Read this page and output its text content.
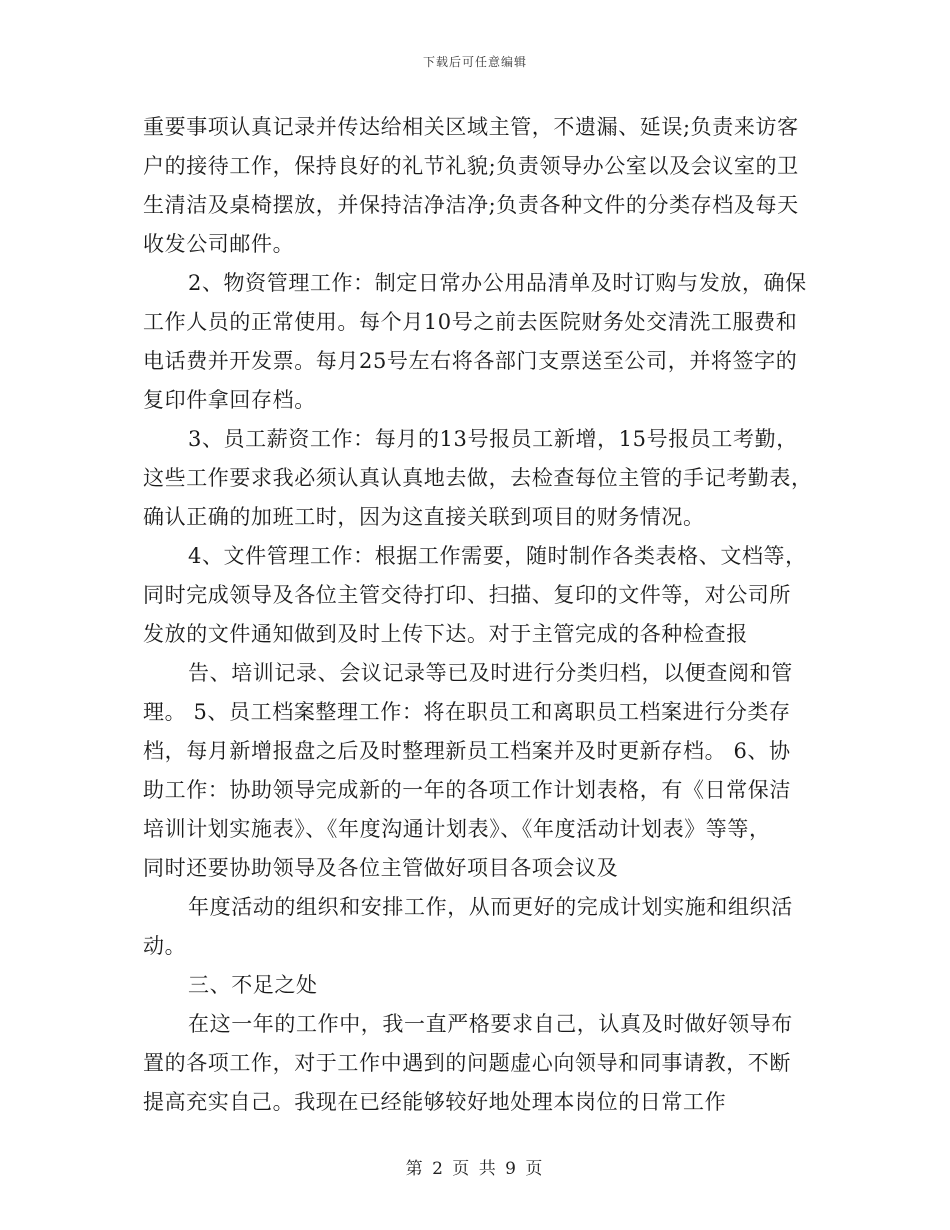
下载后可任意编辑
重要事项认真记录并传达给相关区域主管，不遗漏、延误;负责来访客
户的接待工作，保持良好的礼节礼貌;负责领导办公室以及会议室的卫
生清洁及桌椅摆放，并保持洁净洁净;负责各种文件的分类存档及每天
收发公司邮件。
2、物资管理工作：制定日常办公用品清单及时订购与发放，确保
工作人员的正常使用。每个月10号之前去医院财务处交清洗工服费和
电话费并开发票。每月25号左右将各部门支票送至公司，并将签字的
复印件拿回存档。
3、员工薪资工作：每月的13号报员工新增，15号报员工考勤，
这些工作要求我必须认真认真地去做，去检查每位主管的手记考勤表，
确认正确的加班工时，因为这直接关联到项目的财务情况。
4、文件管理工作：根据工作需要，随时制作各类表格、文档等，
同时完成领导及各位主管交待打印、扫描、复印的文件等，对公司所
发放的文件通知做到及时上传下达。对于主管完成的各种检查报
告、培训记录、会议记录等已及时进行分类归档，以便查阅和管
理。 5、员工档案整理工作：将在职员工和离职员工档案进行分类存
档，每月新增报盘之后及时整理新员工档案并及时更新存档。 6、协
助工作：协助领导完成新的一年的各项工作计划表格，有《日常保洁
培训计划实施表》、《年度沟通计划表》、《年度活动计划表》等等，
同时还要协助领导及各位主管做好项目各项会议及
年度活动的组织和安排工作，从而更好的完成计划实施和组织活
动。
三、不足之处
在这一年的工作中，我一直严格要求自己，认真及时做好领导布
置的各项工作，对于工作中遇到的问题虚心向领导和同事请教，不断
提高充实自己。我现在已经能够较好地处理本岗位的日常工作
第 2 页 共 9 页
